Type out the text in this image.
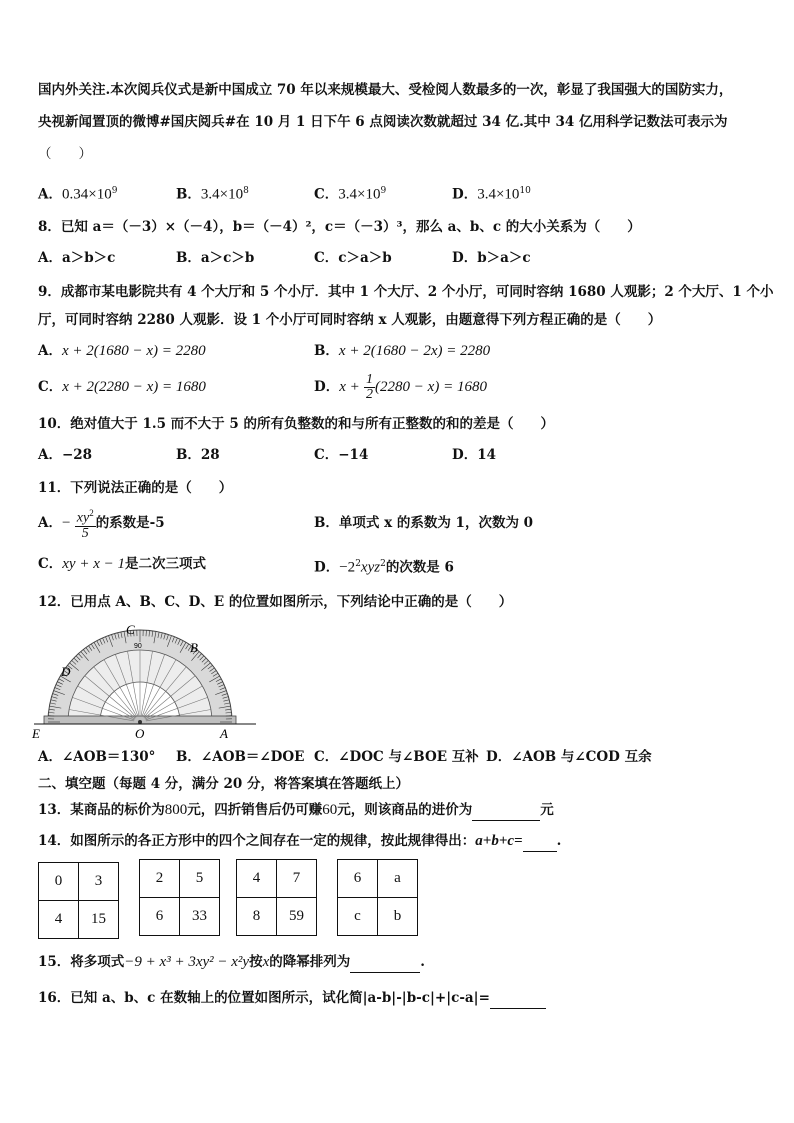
国内外关注.本次阅兵仪式是新中国成立 70 年以来规模最大、受检阅人数最多的一次，彰显了我国强大的国防实力，
央视新闻置顶的微博#国庆阅兵#在 10 月 1 日下午 6 点阅读次数就超过 34 亿.其中 34 亿用科学记数法可表示为
（　　）
A．$0.34\times 10^9$	B．$3.4\times 10^8$	C．$3.4\times 10^9$	D．$3.4\times 10^{10}$
8．已知 a＝（－3）×（－4），b＝（－4）²，c＝（－3）³，那么 a、b、c 的大小关系为（　　）
A．a＞b＞c	B．a＞c＞b	C．c＞a＞b	D．b＞a＞c
9．成都市某电影院共有 4 个大厅和 5 个小厅．其中 1 个大厅、2 个小厅，可同时容纳 1680 人观影；2 个大厅、1 个小
厅，可同时容纳 2280 人观影．设 1 个小厅可同时容纳 x 人观影，由题意得下列方程正确的是（　　）
A．x + 2(1680 − x) = 2280	B．x + 2(1680 − 2x) = 2280
C．x + 2(2280 − x) = 1680	D．$x + \frac{1}{2} (2280 - x) = 1680$
10．绝对值大于 1.5 而不大于 5 的所有负整数的和与所有正整数的和的差是（　　）
A．−28	B．28	C．−14	D．14
11．下列说法正确的是（　　）
A．− $\frac{xy^2}{5}$ 的系数是-5	B．单项式 x 的系数为 1，次数为 0
C．xy + x − 1是二次三项式	D．$-2^2xyz^2$的次数是 6
12．已用点 A、B、C、D、E 的位置如图所示，下列结论中正确的是（　　）
E	O	A
C
B
D
90
A．∠AOB＝130° B．∠AOB＝∠DOE C．∠DOC 与∠BOE 互补 D．∠AOB 与∠COD 互余
二、填空题（每题 4 分，满分 20 分，将答案填在答题纸上）
13．某商品的标价为800元，四折销售后仍可赚60元，则该商品的进价为	元
14．如图所示的各正方形中的四个之间存在一定的规律，按此规律得出：a+b+c=	.
0	3
4	15
2	5
6	33
4	7
8	59
6	a
c	b
15．将多项式−9 + x³ + 3xy² − x²y按x的降幂排列为	.
16．已知 a、b、c 在数轴上的位置如图所示，试化简|a-b|-|b-c|+|c-a|=
